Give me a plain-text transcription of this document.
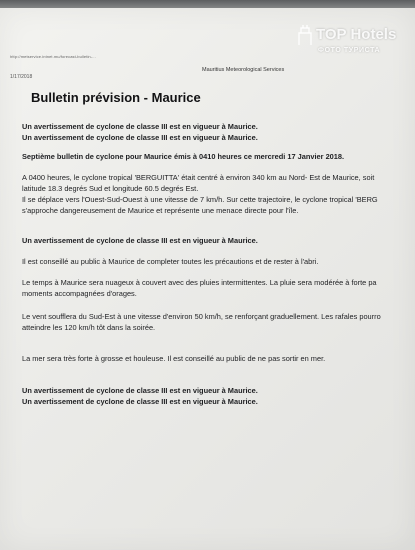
http://metservice.intnet.mu/forecast-bulletin-...
1/17/2018
Mauritius Meteorological Services
Bulletin prévision - Maurice
Un avertissement de cyclone de classe III est en vigueur à Maurice.
Un avertissement de cyclone de classe III est en vigueur à Maurice.
Septième bulletin de cyclone pour Maurice émis à 0410 heures ce mercredi 17 Janvier 2018.
A 0400 heures, le cyclone tropical 'BERGUITTA' était centré à environ 340 km au Nord- Est de Maurice, soit
latitude 18.3 degrés Sud et longitude 60.5 degrés Est.
Il se déplace vers l'Ouest-Sud-Ouest à une vitesse de 7 km/h. Sur cette trajectoire, le cyclone tropical 'BERG
s'approche dangereusement de Maurice et représente une menace directe pour l'île.
Un avertissement de cyclone de classe III est en vigueur à Maurice.
Il est conseillé au public à Maurice de completer toutes les précautions et de rester à l'abri.
Le temps à Maurice sera nuageux à couvert avec des pluies intermittentes. La pluie sera modérée à forte pa
moments accompagnées d'orages.
Le vent soufflera du Sud-Est à une vitesse d'environ 50 km/h, se renforçant graduellement. Les rafales pourro
atteindre les 120 km/h tôt dans la soirée.
La mer sera très forte à grosse et houleuse. Il est conseillé au public de ne pas sortir en mer.
Un avertissement de cyclone de classe III est en vigueur à Maurice.
Un avertissement de cyclone de classe III est en vigueur à Maurice.
TOP Hotels
ФОТО ТУРИСТА
